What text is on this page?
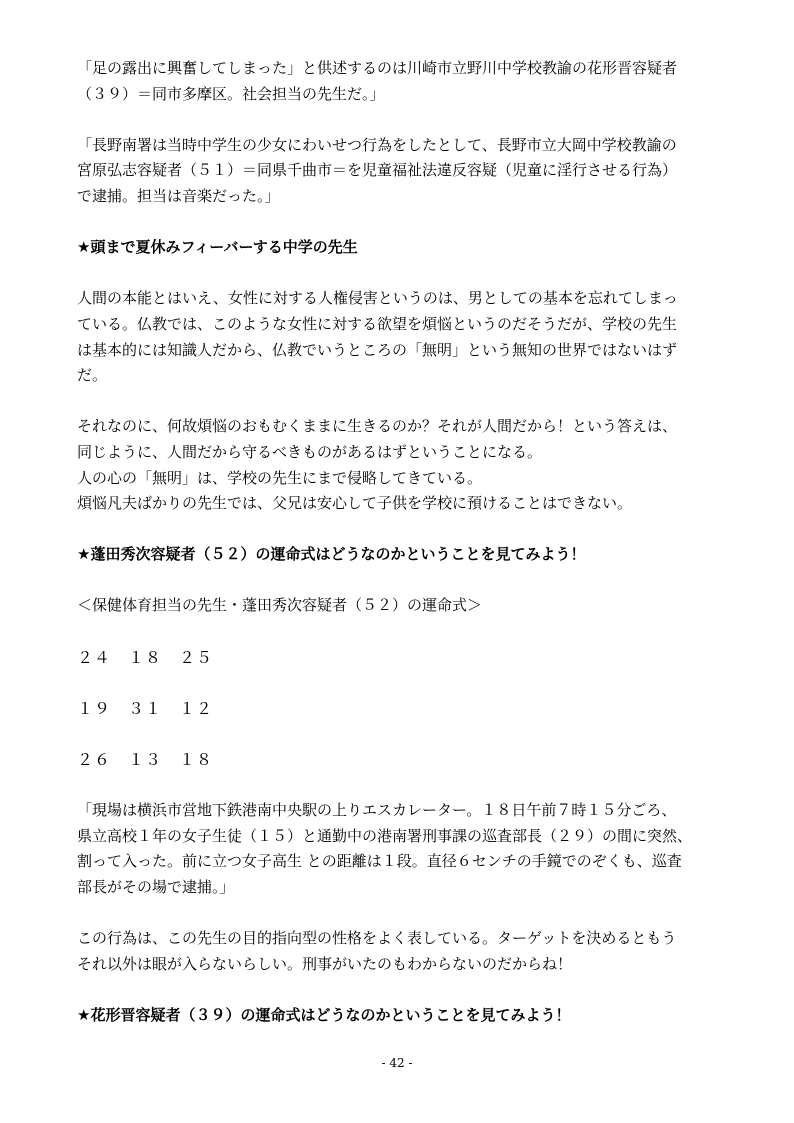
「足の露出に興奮してしまった」と供述するのは川崎市立野川中学校教諭の花形晋容疑者

（３９）＝同市多摩区。社会担当の先生だ。」

「長野南署は当時中学生の少女にわいせつ行為をしたとして、長野市立大岡中学校教諭の

宮原弘志容疑者（５１）＝同県千曲市＝を児童福祉法違反容疑（児童に淫行させる行為）

で逮捕。担当は音楽だった。」

★頭まで夏休みフィーバーする中学の先生

人間の本能とはいえ、女性に対する人権侵害というのは、男としての基本を忘れてしまっ

ている。仏教では、このような女性に対する欲望を煩悩というのだそうだが、学校の先生

は基本的には知識人だから、仏教でいうところの「無明」という無知の世界ではないはず

だ。

それなのに、何故煩悩のおもむくままに生きるのか？それが人間だから！という答えは、

同じように、人間だから守るべきものがあるはずということになる。

人の心の「無明」は、学校の先生にまで侵略してきている。

煩悩凡夫ばかりの先生では、父兄は安心して子供を学校に預けることはできない。

★蓬田秀次容疑者（５２）の運命式はどうなのかということを見てみよう！

＜保健体育担当の先生・蓬田秀次容疑者（５２）の運命式＞

２４　１８　２５

１９　３１　１２

２６　１３　１８

「現場は横浜市営地下鉄港南中央駅の上りエスカレーター。１８日午前７時１５分ごろ、

県立高校１年の女子生徒（１５）と通勤中の港南署刑事課の巡査部長（２９）の間に突然、

割って入った。前に立つ女子高生 との距離は１段。直径６センチの手鏡でのぞくも、巡査

部長がその場で逮捕。」

この行為は、この先生の目的指向型の性格をよく表している。ターゲットを決めるともう

それ以外は眼が入らないらしい。刑事がいたのもわからないのだからね！

★花形晋容疑者（３９）の運命式はどうなのかということを見てみよう！

- 42 -
